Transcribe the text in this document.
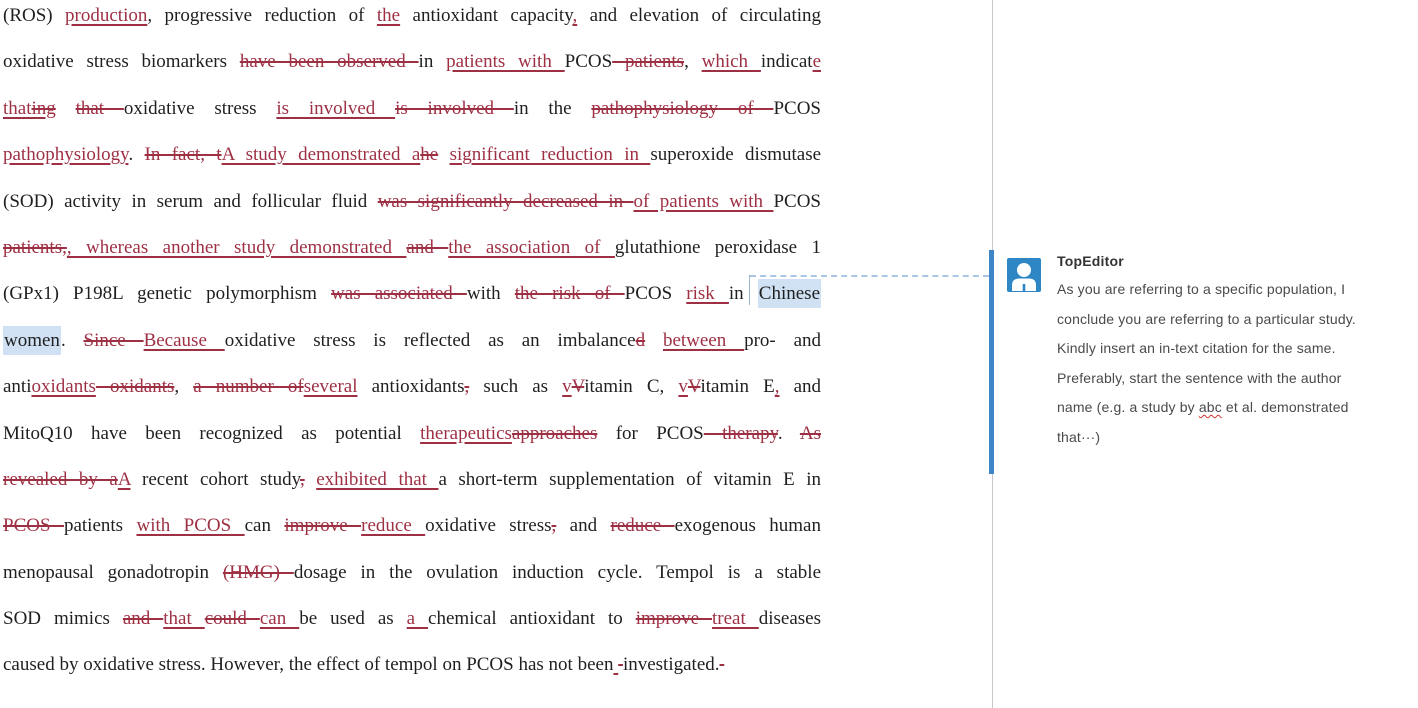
(ROS) production, progressive reduction of the antioxidant capacity, and elevation of circulating
oxidative stress biomarkers have been observed in patients with PCOS patients, which indicate
thating that oxidative stress is involved is involved in the pathophysiology of PCOS
pathophysiology. In fact, tA study demonstrated ahe significant reduction in superoxide dismutase
(SOD) activity in serum and follicular fluid was significantly decreased in of patients with PCOS
patients,, whereas another study demonstrated and the association of glutathione peroxidase 1
(GPx1) P198L genetic polymorphism was associated with the risk of PCOS risk in Chinese
women. Since Because oxidative stress is reflected as an imbalanced between pro- and
antioxidants oxidants, a number ofseveral antioxidants, such as vVitamin C, vVitamin E, and
MitoQ10 have been recognized as potential therapeuticsapproaches for PCOS therapy. As
revealed by aA recent cohort study, exhibited that a short-term supplementation of vitamin E in
PCOS patients with PCOS can improve reduce oxidative stress, and reduce exogenous human
menopausal gonadotropin (HMG) dosage in the ovulation induction cycle. Tempol is a stable
SOD mimics and that could can be used as a chemical antioxidant to improve treat diseases
caused by oxidative stress. However, the effect of tempol on PCOS has not been investigated.
TopEditor
As you are referring to a specific population, I
conclude you are referring to a particular study.
Kindly insert an in-text citation for the same.
Preferably, start the sentence with the author
name (e.g. a study by abc et al. demonstrated
that···)
